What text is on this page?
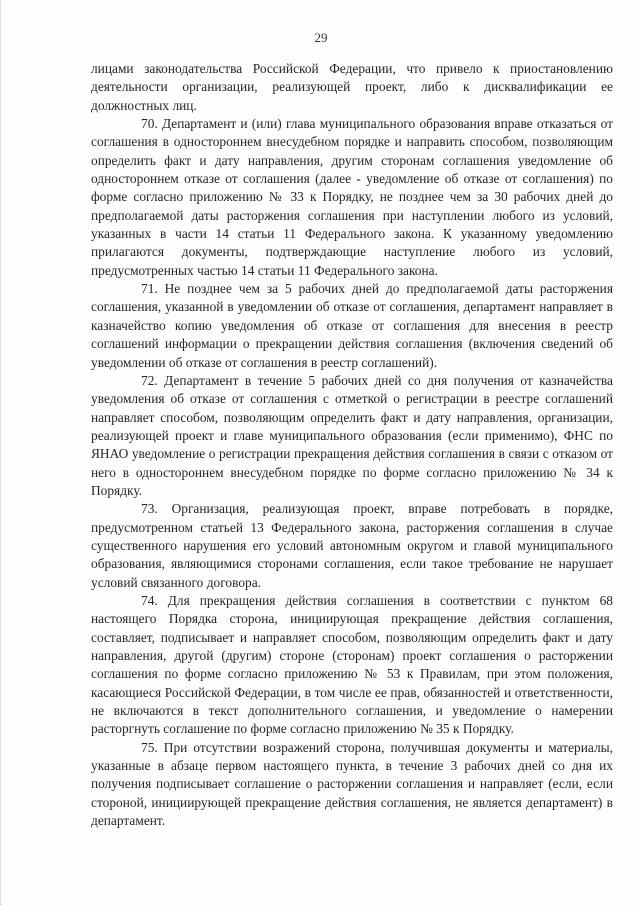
29

лицами законодательства Российской Федерации, что привело к приостановлению деятельности организации, реализующей проект, либо к дисквалификации ее должностных лиц.

70. Департамент и (или) глава муниципального образования вправе отказаться от соглашения в одностороннем внесудебном порядке и направить способом, позволяющим определить факт и дату направления, другим сторонам соглашения уведомление об одностороннем отказе от соглашения (далее - уведомление об отказе от соглашения) по форме согласно приложению № 33 к Порядку, не позднее чем за 30 рабочих дней до предполагаемой даты расторжения соглашения при наступлении любого из условий, указанных в части 14 статьи 11 Федерального закона. К указанному уведомлению прилагаются документы, подтверждающие наступление любого из условий, предусмотренных частью 14 статьи 11 Федерального закона.

71. Не позднее чем за 5 рабочих дней до предполагаемой даты расторжения соглашения, указанной в уведомлении об отказе от соглашения, департамент направляет в казначейство копию уведомления об отказе от соглашения для внесения в реестр соглашений информации о прекращении действия соглашения (включения сведений об уведомлении об отказе от соглашения в реестр соглашений).

72. Департамент в течение 5 рабочих дней со дня получения от казначейства уведомления об отказе от соглашения с отметкой о регистрации в реестре соглашений направляет способом, позволяющим определить факт и дату направления, организации, реализующей проект и главе муниципального образования (если применимо), ФНС по ЯНАО уведомление о регистрации прекращения действия соглашения в связи с отказом от него в одностороннем внесудебном порядке по форме согласно приложению № 34 к Порядку.

73. Организация, реализующая проект, вправе потребовать в порядке, предусмотренном статьей 13 Федерального закона, расторжения соглашения в случае существенного нарушения его условий автономным округом и главой муниципального образования, являющимися сторонами соглашения, если такое требование не нарушает условий связанного договора.

74. Для прекращения действия соглашения в соответствии с пунктом 68 настоящего Порядка сторона, инициирующая прекращение действия соглашения, составляет, подписывает и направляет способом, позволяющим определить факт и дату направления, другой (другим) стороне (сторонам) проект соглашения о расторжении соглашения по форме согласно приложению № 53 к Правилам, при этом положения, касающиеся Российской Федерации, в том числе ее прав, обязанностей и ответственности, не включаются в текст дополнительного соглашения, и уведомление о намерении расторгнуть соглашение по форме согласно приложению № 35 к Порядку.

75. При отсутствии возражений сторона, получившая документы и материалы, указанные в абзаце первом настоящего пункта, в течение 3 рабочих дней со дня их получения подписывает соглашение о расторжении соглашения и направляет (если, если стороной, инициирующей прекращение действия соглашения, не является департамент) в департамент.
